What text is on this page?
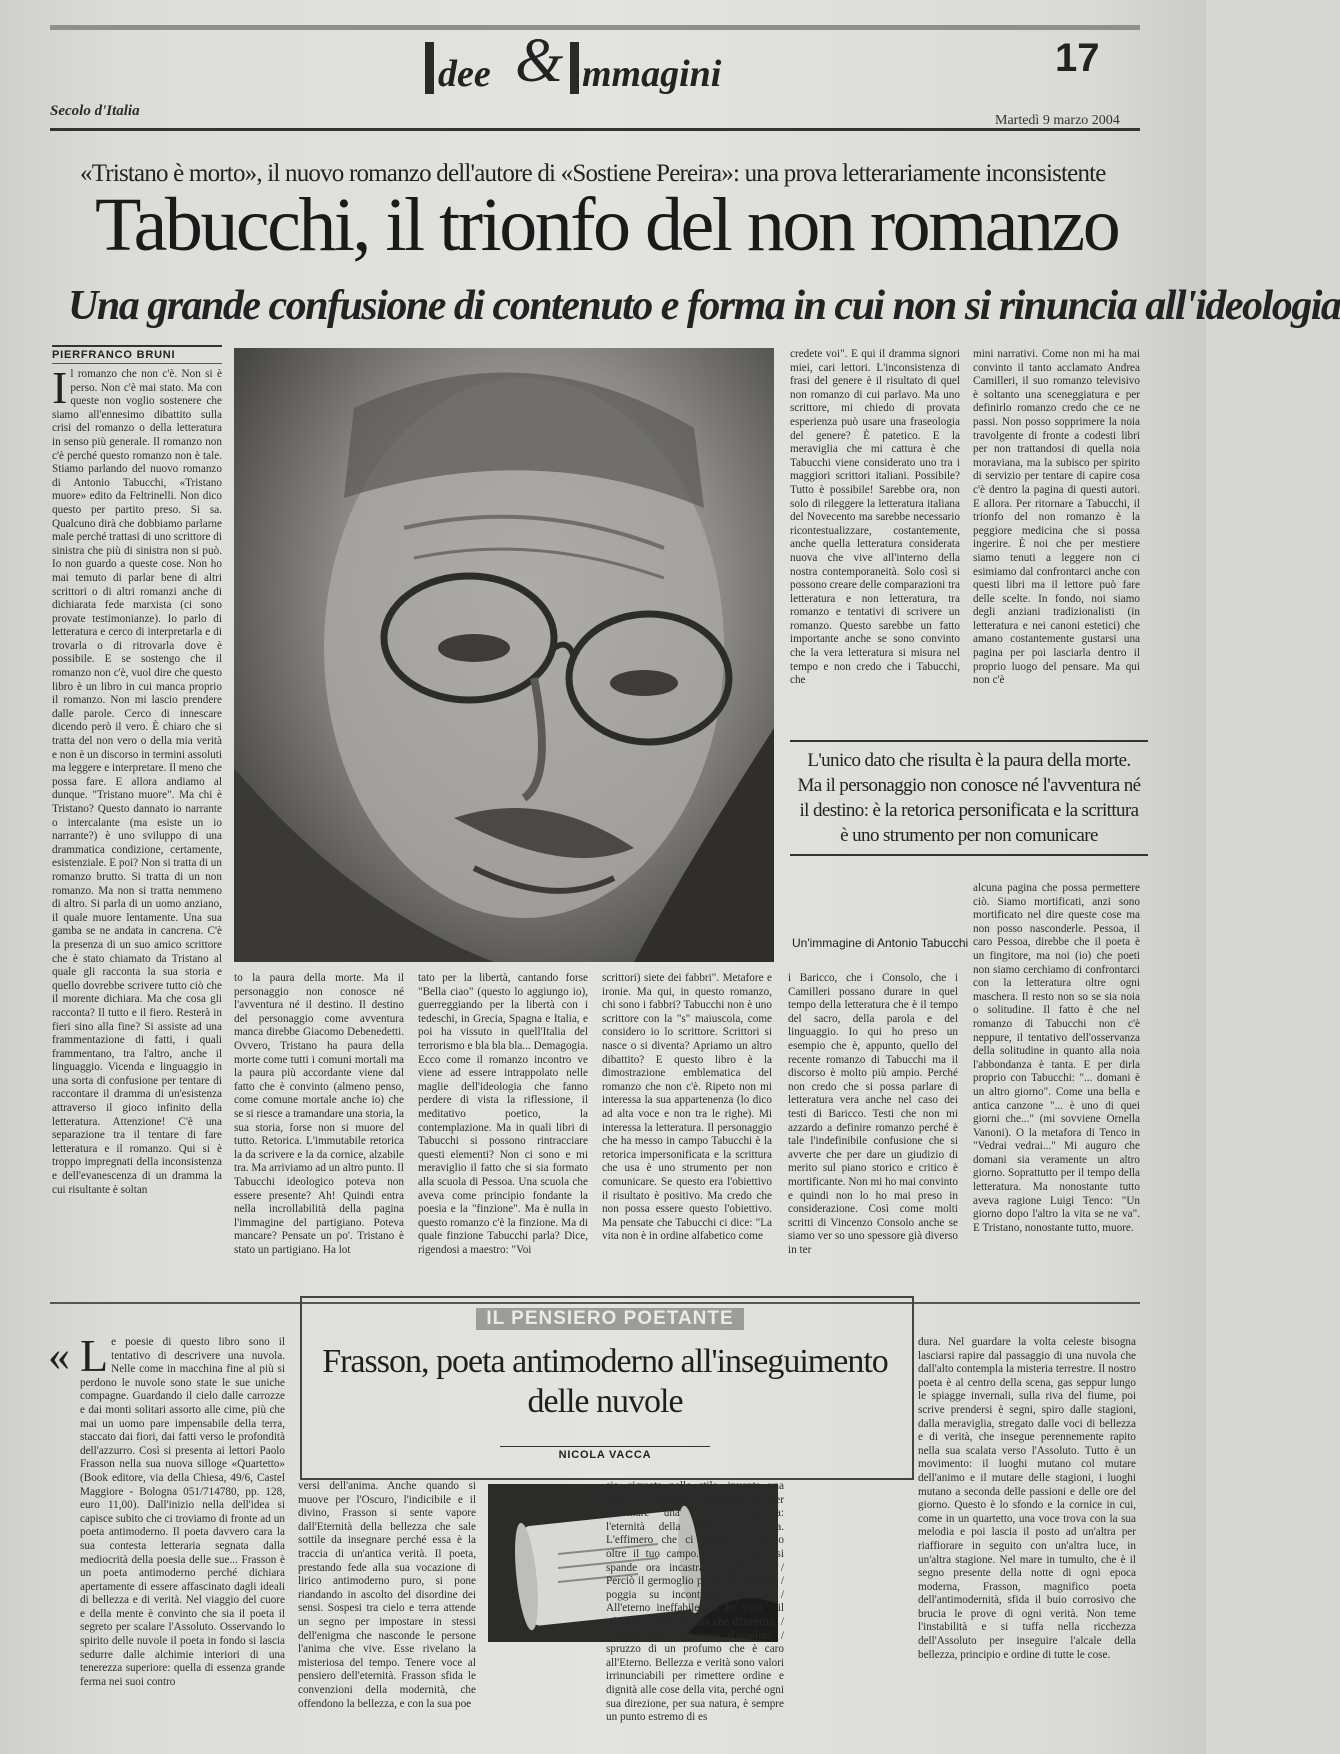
dee & mmagini	17
Secolo d'Italia
Martedì 9 marzo 2004
«Tristano è morto», il nuovo romanzo dell'autore di «Sostiene Pereira»: una prova letterariamente inconsistente
Tabucchi, il trionfo del non romanzo
Una grande confusione di contenuto e forma in cui non si rinuncia all'ideologia
PIERFRANCO BRUNI
Il romanzo che non c'è. Non si è perso. Non c'è mai stato. Ma con queste non voglio sostenere che siamo all'ennesimo dibattito sulla crisi del romanzo o della letteratura in senso più generale. Il romanzo non c'è perché questo romanzo non è tale. Stiamo parlando del nuovo romanzo di Antonio Tabucchi, «Tristano muore» edito da Feltrinelli. Non dico questo per partito preso. Si sa. Qualcuno dirà che dobbiamo parlarne male perché trattasi di uno scrittore di sinistra che più di sinistra non si può. Io non guardo a queste cose. Non ho mai temuto di parlar bene di altri scrittori o di altri romanzi anche di dichiarata fede marxista (ci sono provate testimonianze). Io parlo di letteratura e cerco di interpretarla e di trovarla o di ritrovarla dove è possibile. E se sostengo che il romanzo non c'è, vuol dire che questo libro è un libro in cui manca proprio il romanzo. Non mi lascio prendere dalle parole. Cerco di innescare dicendo però il vero. È chiaro che si tratta del non vero o della mia verità e non è un discorso in termini assoluti ma leggere e interpretare. Il meno che possa fare. E allora andiamo al dunque. "Tristano muore". Ma chi è Tristano? Questo dannato io narrante o intercalante (ma esiste un io narrante?) è uno sviluppo di una drammatica condizione, certamente, esistenziale. E poi? Non si tratta di un romanzo brutto. Si tratta di un non romanzo. Ma non si tratta nemmeno di altro. Si parla di un uomo anziano, il quale muore lentamente. Una sua gamba se ne andata in cancrena. C'è la presenza di un suo amico scrittore che è stato chiamato da Tristano al quale gli racconta la sua storia e quello dovrebbe scrivere tutto ciò che il morente dichiara. Ma che cosa gli racconta? Il tutto e il fiero. Resterà in fieri sino alla fine? Si assiste ad una frammentazione di fatti, i quali frammentano, tra l'altro, anche il linguaggio. Vicenda e linguaggio in una sorta di confusione per tentare di raccontare il dramma di un'esistenza attraverso il gioco infinito della letteratura. Attenzione! C'è una separazione tra il tentare di fare letteratura e il romanzo. Qui si è troppo impregnati della inconsistenza e dell'evanescenza di un dramma la cui risultante è soltan
to la paura della morte. Ma il personaggio non conosce né l'avventura né il destino. Il destino del personaggio come avventura manca direbbe Giacomo Debenedetti. Ovvero, Tristano ha paura della morte come tutti i comuni mortali ma la paura più accordante viene dal fatto che è convinto (almeno penso, come comune mortale anche io) che se si riesce a tramandare una storia, la sua storia, forse non si muore del tutto. Retorica. L'immutabile retorica la da scrivere e la da cornice, alzabile tra. Ma arriviamo ad un altro punto. Il Tabucchi ideologico poteva non essere presente? Ah! Quindi entra nella incrollabilità della pagina l'immagine del partigiano. Poteva mancare? Pensate un po'. Tristano è stato un partigiano. Ha lot
tato per la libertà, cantando forse "Bella ciao" (questo lo aggiungo io), guerreggiando per la libertà con i tedeschi, in Grecia, Spagna e Italia, e poi ha vissuto in quell'Italia del terrorismo e bla bla bla... Demagogia. Ecco come il romanzo incontro ve viene ad essere intrappolato nelle maglie dell'ideologia che fanno perdere di vista la riflessione, il meditativo poetico, la contemplazione. Ma in quali libri di Tabucchi si possono rintracciare questi elementi? Non ci sono e mi meraviglio il fatto che si sia formato alla scuola di Pessoa. Una scuola che aveva come principio fondante la poesia e la "finzione". Ma è nulla in questo romanzo c'è la finzione. Ma di quale finzione Tabucchi parla? Dice, rigendosi a maestro: "Voi
credete voi". E qui il dramma signori miei, cari lettori. L'inconsistenza di frasi del genere è il risultato di quel non romanzo di cui parlavo. Ma uno scrittore, mi chiedo di provata esperienza può usare una fraseologia del genere? È patetico. E la meraviglia che mi cattura è che Tabucchi viene considerato uno tra i maggiori scrittori italiani. Possibile? Tutto è possibile! Sarebbe ora, non solo di rileggere la letteratura italiana del Novecento ma sarebbe necessario ricontestualizzare, costantemente, anche quella letteratura considerata nuova che vive all'interno della nostra contemporaneità. Solo così si possono creare delle comparazioni tra letteratura e non letteratura, tra romanzo e tentativi di scrivere un romanzo. Questo sarebbe un fatto importante anche se sono convinto che la vera letteratura si misura nel tempo e non credo che i Tabucchi, che
scrittori) siete dei fabbri". Metafore e ironie. Ma qui, in questo romanzo, chi sono i fabbri? Tabucchi non è uno scrittore con la "s" maiuscola, come considero io lo scrittore. Scrittori si nasce o si diventa? Apriamo un altro dibattito? E questo libro è la dimostrazione emblematica del romanzo che non c'è. Ripeto non mi interessa la sua appartenenza (lo dico ad alta voce e non tra le righe). Mi interessa la letteratura. Il personaggio che ha messo in campo Tabucchi è la retorica impersonificata e la scrittura che usa è uno strumento per non comunicare. Se questo era l'obiettivo il risultato è positivo. Ma credo che non possa essere questo l'obiettivo. Ma pensate che Tabucchi ci dice: "La vita non è in ordine alfabetico come
mini narrativi. Come non mi ha mai convinto il tanto acclamato Andrea Camilleri, il suo romanzo televisivo è soltanto una sceneggiatura e per definirlo romanzo credo che ce ne passi. Non posso sopprimere la noia travolgente di fronte a codesti libri per non trattandosi di quella noia moraviana, ma la subisco per spirito di servizio per tentare di capire cosa c'è dentro la pagina di questi autori. E allora. Per ritornare a Tabucchi, il trionfo del non romanzo è la peggiore medicina che si possa ingerire. È noi che per mestiere siamo tenuti a leggere non ci esimiamo dal confrontarci anche con questi libri ma il lettore può fare delle scelte. In fondo, noi siamo degli anziani tradizionalisti (in letteratura e nei canoni estetici) che amano costantemente gustarsi una pagina per poi lasciarla dentro il proprio luogo del pensare. Ma qui non c'è
i Baricco, che i Consolo, che i Camilleri possano durare in quel tempo della letteratura che è il tempo del sacro, della parola e del linguaggio. Io qui ho preso un esempio che è, appunto, quello del recente romanzo di Tabucchi ma il discorso è molto più ampio. Perché non credo che si possa parlare di letteratura vera anche nel caso dei testi di Baricco. Testi che non mi azzardo a definire romanzo perché è tale l'indefinibile confusione che si avverte che per dare un giudizio di merito sul piano storico e critico è mortificante. Non mi ho mai convinto e quindi non lo ho mai preso in considerazione. Così come molti scritti di Vincenzo Consolo anche se siamo ver so uno spessore già diverso in ter
L'unico dato che risulta è la paura della morte. Ma il personaggio non conosce né l'avventura né il destino: è la retorica personificata e la scrittura è uno strumento per non comunicare
Un'immagine di Antonio Tabucchi
alcuna pagina che possa permettere ciò. Siamo mortificati, anzi sono mortificato nel dire queste cose ma non posso nasconderle. Pessoa, il caro Pessoa, direbbe che il poeta è un fingitore, ma noi (io) che poeti non siamo cerchiamo di confrontarci con la letteratura oltre ogni maschera. Il resto non so se sia noia o solitudine. Il fatto è che nel romanzo di Tabucchi non c'è neppure, il tentativo dell'osservanza della solitudine in quanto alla noia l'abbondanza è tanta. E per dirla proprio con Tabucchi: "... domani è un altro giorno". Come una bella e antica canzone "... è uno di quei giorni che..." (mi sovviene Ornella Vanoni). O la metafora di Tenco in "Vedrai vedrai..." Mi auguro che domani sia veramente un altro giorno. Soprattutto per il tempo della letteratura. Ma nonostante tutto aveva ragione Luigi Tenco: "Un giorno dopo l'altro la vita se ne va". E Tristano, nonostante tutto, muore.
IL PENSIERO POETANTE
Frasson, poeta antimoderno all'inseguimento delle nuvole
NICOLA VACCA
« Le poesie di questo libro sono il tentativo di descrivere una nuvola. Nelle come in macchina fine al più si perdono le nuvole sono state le sue uniche compagne. Guardando il cielo dalle carrozze e dai monti solitari assorto alle cime, più che mai un uomo pare impensabile della terra, staccato dai fiori, dai fatti verso le profondità dell'azzurro. Così si presenta ai lettori Paolo Frasson nella sua nuova silloge «Quartetto» (Book editore, via della Chiesa, 49/6, Castel Maggiore - Bologna 051/714780, pp. 128, euro 11,00). Dall'inizio nella dell'idea si capisce subito che ci troviamo di fronte ad un poeta antimoderno. Il poeta davvero cara la sua contesta letteraria segnata dalla mediocrità della poesia delle sue... Frasson è un poeta antimoderno perché dichiara apertamente di essere affascinato dagli ideali di bellezza e di verità. Nel viaggio del cuore e della mente è convinto che sia il poeta il segreto per scalare l'Assoluto. Osservando lo spirito delle nuvole il poeta in fondo si lascia sedurre dalle alchimie interiori di una tenerezza superiore: quella di essenza grande ferma nei suoi contro
versi dell'anima. Anche quando si muove per l'Oscuro, l'indicibile e il divino, Frasson si sente vapore dall'Eternità della bellezza che sale sottile da insegnare perché essa è la traccia di un'antica verità. Il poeta, prestando fede alla sua vocazione di lirico antimoderno puro, si pone riandando in ascolto del disordine dei sensi. Sospesi tra cielo e terra attende un segno per impostare in stessi dell'enigma che nasconde le persone l'anima che vive. Esse rivelano la misteriosa del tempo. Tenere voce al pensiero dell'eternità. Frasson sfida le convenzioni della modernità, che offendono la bellezza, e con la sua poe
sia, ricreata nello stile, inventa una serie di metafore antimoderne per affermare una verità sacrosanta: l'eternità della bellezza assoluta. L'effimero che ci accolla (L'Eterno oltre il tuo campo. La semente / si spande ora incastrato dagli anni / Perciò il germoglio preme la sorgente / poggia su incontrabili palazzi / All'eterno ineffabile hai be vuto / il silenzio di Dio. Ma un che d'inverno, / l'ultimo fiore in cerca d'assoluto / spruzzo di un profumo che è caro all'Eterno. Bellezza e verità sono valori irrinunciabili per rimettere ordine e dignità alle cose della vita, perché ogni sua direzione, per sua natura, è sempre un punto estremo di es
dura. Nel guardare la volta celeste bisogna lasciarsi rapire dal passaggio di una nuvola che dall'alto contempla la misteria terrestre. Il nostro poeta è al centro della scena, gas seppur lungo le spiagge invernali, sulla riva del fiume, poi scrive prendersi è segni, spiro dalle stagioni, dalla meraviglia, stregato dalle voci di bellezza e di verità, che insegue perennemente rapito nella sua scalata verso l'Assoluto. Tutto è un movimento: il luoghi mutano col mutare dell'animo e il mutare delle stagioni, i luoghi mutano a seconda delle passioni e delle ore del giorno. Questo è lo sfondo e la cornice in cui, come in un quartetto, una voce trova con la sua melodia e poi lascia il posto ad un'altra per riaffiorare in seguito con un'altra luce, in un'altra stagione. Nel mare in tumulto, che è il segno presente della notte di ogni epoca moderna, Frasson, magnifico poeta dell'antimodernità, sfida il buio corrosivo che brucia le prove di ogni verità. Non teme l'instabilità e si tuffa nella ricchezza dell'Assoluto per inseguire l'alcale della bellezza, principio e ordine di tutte le cose.
